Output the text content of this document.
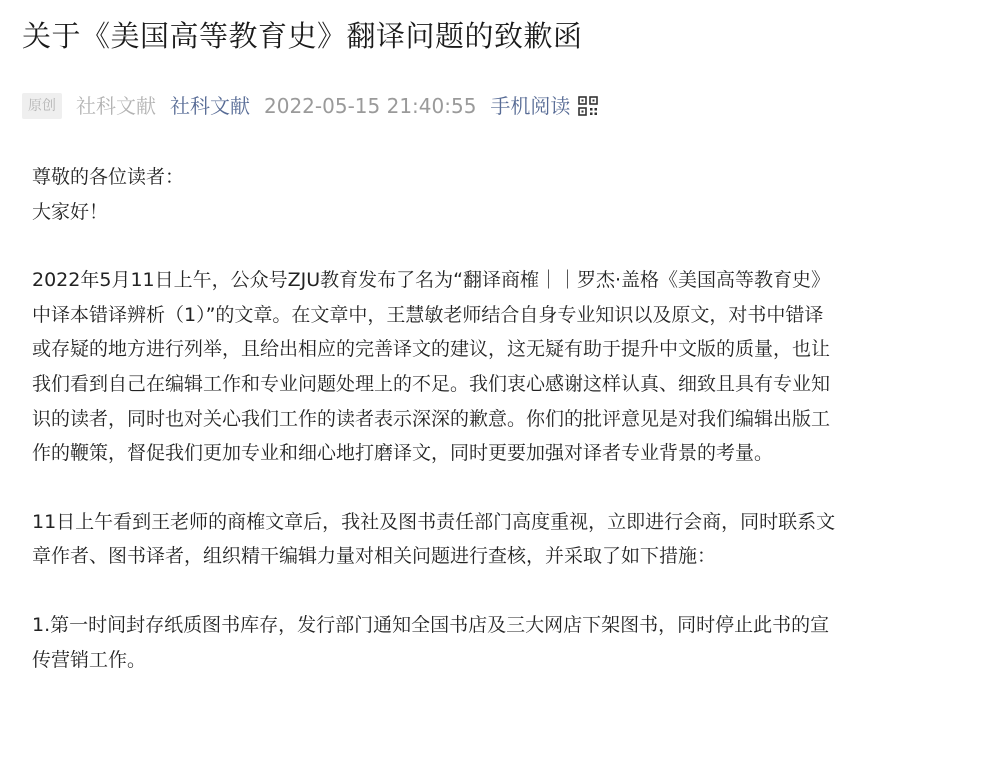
关于《美国高等教育史》翻译问题的致歉函
原创	社科文献 社科文献 2022-05-15 21:40:55 手机阅读

尊敬的各位读者：

大家好！

2022年5月11日上午，公众号ZJU教育发布了名为“翻译商榷｜｜罗杰·盖格《美国高等教育史》

中译本错译辨析（1）”的文章。在文章中，王慧敏老师结合自身专业知识以及原文，对书中错译

或存疑的地方进行列举，且给出相应的完善译文的建议，这无疑有助于提升中文版的质量，也让

我们看到自己在编辑工作和专业问题处理上的不足。我们衷心感谢这样认真、细致且具有专业知

识的读者，同时也对关心我们工作的读者表示深深的歉意。你们的批评意见是对我们编辑出版工

作的鞭策，督促我们更加专业和细心地打磨译文，同时更要加强对译者专业背景的考量。

11日上午看到王老师的商榷文章后，我社及图书责任部门高度重视，立即进行会商，同时联系文

章作者、图书译者，组织精干编辑力量对相关问题进行查核，并采取了如下措施：

1.第一时间封存纸质图书库存，发行部门通知全国书店及三大网店下架图书，同时停止此书的宣

传营销工作。
